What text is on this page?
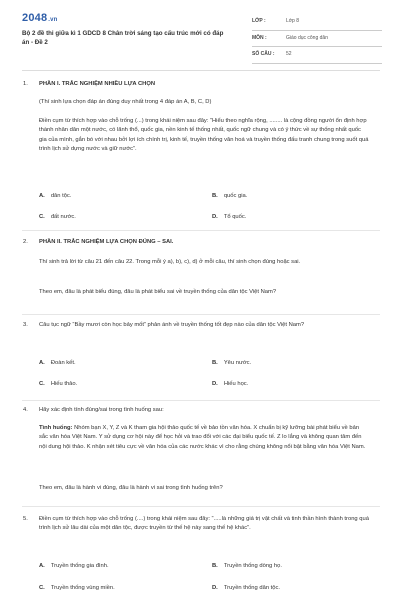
2048.vn
Bộ 2 đề thi giữa kì 1 GDCD 8 Chân trời sáng tạo cấu trúc mới có đáp án - Đề 2
LỚP :	Lớp 8
MÔN :	Giáo dục công dân
SỐ CÂU : 52
1. PHẦN I. TRẮC NGHIỆM NHIỀU LỰA CHỌN
(Thí sinh lựa chọn đáp án đúng duy nhất trong 4 đáp án A, B, C, D)
Điền cụm từ thích hợp vào chỗ trống (...) trong khái niệm sau đây: “Hiểu theo nghĩa rộng, ........ là cộng đồng người ổn định hợp thành nhân dân một nước, có lãnh thổ, quốc gia, nền kinh tế thống nhất, quốc ngữ chung và có ý thức về sự thống nhất quốc gia của mình, gắn bó với nhau bởi lợi ích chính trị, kinh tế, truyền thống văn hoá và truyền thống đấu tranh chung trong suốt quá trình lịch sử dựng nước và giữ nước”.
A. dân tộc.	B. quốc gia.
C. đất nước.	D. Tổ quốc.
2. PHẦN II. TRẮC NGHIỆM LỰA CHỌN ĐÚNG – SAI.
Thí sinh trả lời từ câu 21 đến câu 22. Trong mỗi ý a), b), c), d) ở mỗi câu, thí sinh chọn đúng hoặc sai.
Theo em, đâu là phát biểu đúng, đâu là phát biểu sai về truyền thống của dân tộc Việt Nam?
3. Câu tục ngữ “Bầy mươi còn học bảy mốt” phản ánh về truyền thống tốt đẹp nào của dân tộc Việt Nam?
A. Đoàn kết.	B. Yêu nước.
C. Hiếu thảo.	D. Hiếu học.
4. Hãy xác định tính đúng/sai trong tình huống sau:
Tình huống: Nhóm bạn X, Y, Z và K tham gia hội thảo quốc tế về bảo tồn văn hóa. X chuẩn bị kỹ lưỡng bài phát biểu về bản sắc văn hóa Việt Nam. Y sử dụng cơ hội này để học hỏi và trao đổi với các đại biểu quốc tế. Z lo lắng và không quan tâm đến nội dung hội thảo. K nhận xét tiêu cực về văn hóa của các nước khác vì cho rằng chúng không nổi bật bằng văn hóa Việt Nam.
Theo em, đâu là hành vi đúng, đâu là hành vi sai trong tình huống trên?
5. Điền cụm từ thích hợp vào chỗ trống (....) trong khái niệm sau đây: “.....là những giá trị vật chất và tinh thần hình thành trong quá trình lịch sử lâu dài của một dân tộc, được truyền từ thế hệ này sang thế hệ khác”.
A. Truyền thống gia đình.	B. Truyền thống dòng họ.
C. Truyền thống vùng miền.	D. Truyền thống dân tộc.
